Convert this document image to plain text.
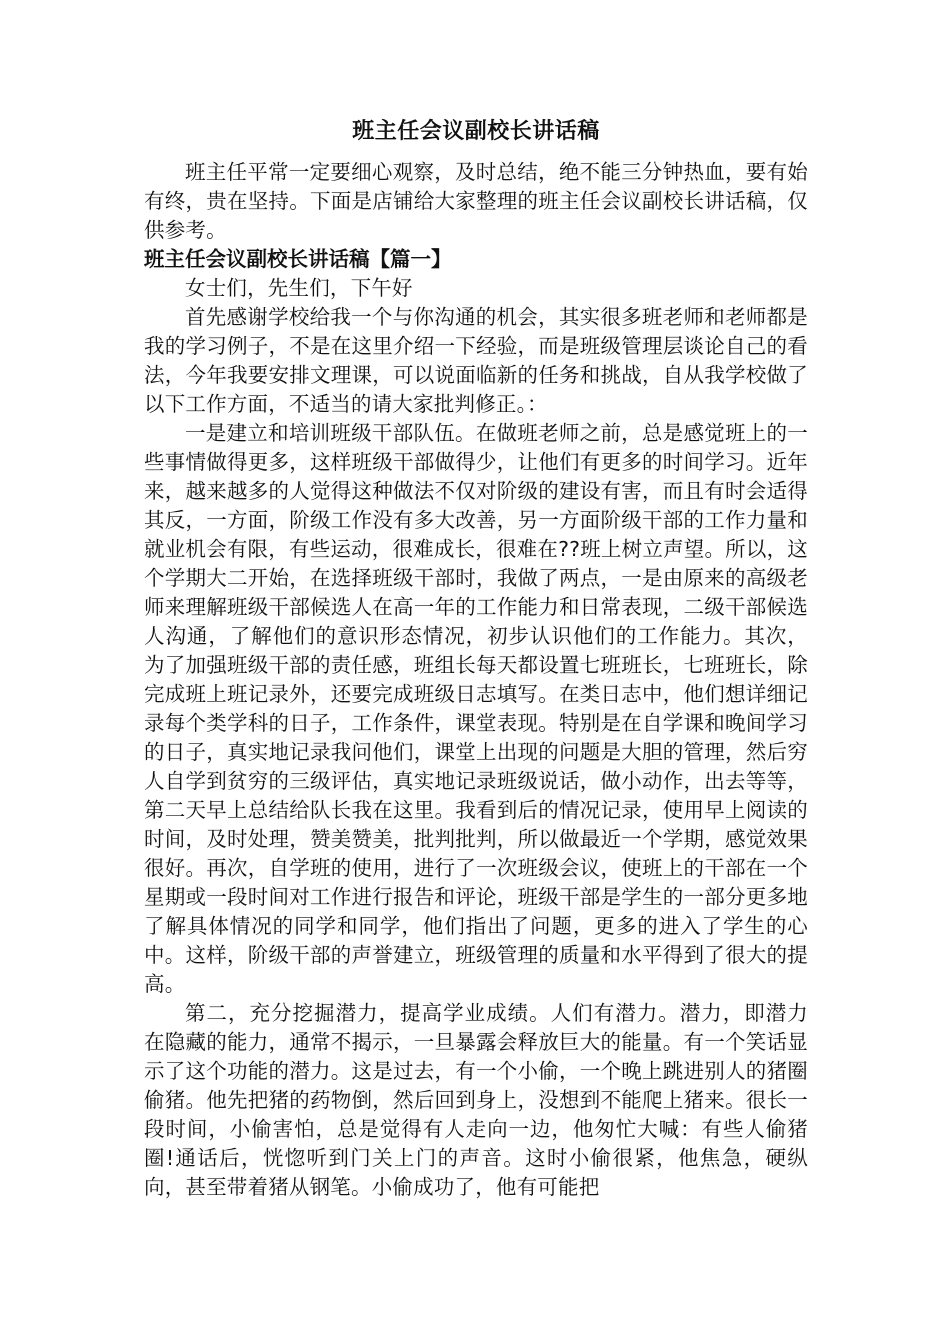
班主任会议副校长讲话稿

班主任平常一定要细心观察，及时总结，绝不能三分钟热血，要有始有终，贵在坚持。下面是店铺给大家整理的班主任会议副校长讲话稿，仅供参考。

班主任会议副校长讲话稿【篇一】

女士们，先生们，下午好

首先感谢学校给我一个与你沟通的机会，其实很多班老师和老师都是我的学习例子，不是在这里介绍一下经验，而是班级管理层谈论自己的看法，今年我要安排文理课，可以说面临新的任务和挑战，自从我学校做了以下工作方面，不适当的请大家批判修正。：

一是建立和培训班级干部队伍。在做班老师之前，总是感觉班上的一些事情做得更多，这样班级干部做得少，让他们有更多的时间学习。近年来，越来越多的人觉得这种做法不仅对阶级的建设有害，而且有时会适得其反，一方面，阶级工作没有多大改善，另一方面阶级干部的工作力量和就业机会有限，有些运动，很难成长，很难在??班上树立声望。所以，这个学期大二开始，在选择班级干部时，我做了两点，一是由原来的高级老师来理解班级干部候选人在高一年的工作能力和日常表现，二级干部候选人沟通，了解他们的意识形态情况，初步认识他们的工作能力。其次， 为了加强班级干部的责任感，班组长每天都设置七班班长，七班班长，除完成班上班记录外，还要完成班级日志填写。在类日志中，他们想详细记录每个类学科的日子，工作条件，课堂表现。特别是在自学课和晚间学习的日子，真实地记录我问他们，课堂上出现的问题是大胆的管理，然后穷人自学到贫穷的三级评估，真实地记录班级说话，做小动作，出去等等，第二天早上总结给队长我在这里。我看到后的情况记录，使用早上阅读的时间，及时处理，赞美赞美，批判批判，所以做最近一个学期，感觉效果很好。再次，自学班的使用，进行了一次班级会议，使班上的干部在一个星期或一段时间对工作进行报告和评论，班级干部是学生的一部分更多地了解具体情况的同学和同学，他们指出了问题，更多的进入了学生的心中。这样，阶级干部的声誉建立，班级管理的质量和水平得到了很大的提高。

第二，充分挖掘潜力，提高学业成绩。人们有潜力。潜力，即潜力 在隐藏的能力，通常不揭示，一旦暴露会释放巨大的能量。有一个笑话显示了这个功能的潜力。这是过去，有一个小偷，一个晚上跳进别人的猪圈偷猪。他先把猪的药物倒，然后回到身上，没想到不能爬上猪来。很长一段时间，小偷害怕，总是觉得有人走向一边，他匆忙大喊：有些人偷猪圈!通话后，恍惚听到门关上门的声音。这时小偷很紧，他焦急，硬纵向，甚至带着猪从钢笔。小偷成功了，他有可能把
